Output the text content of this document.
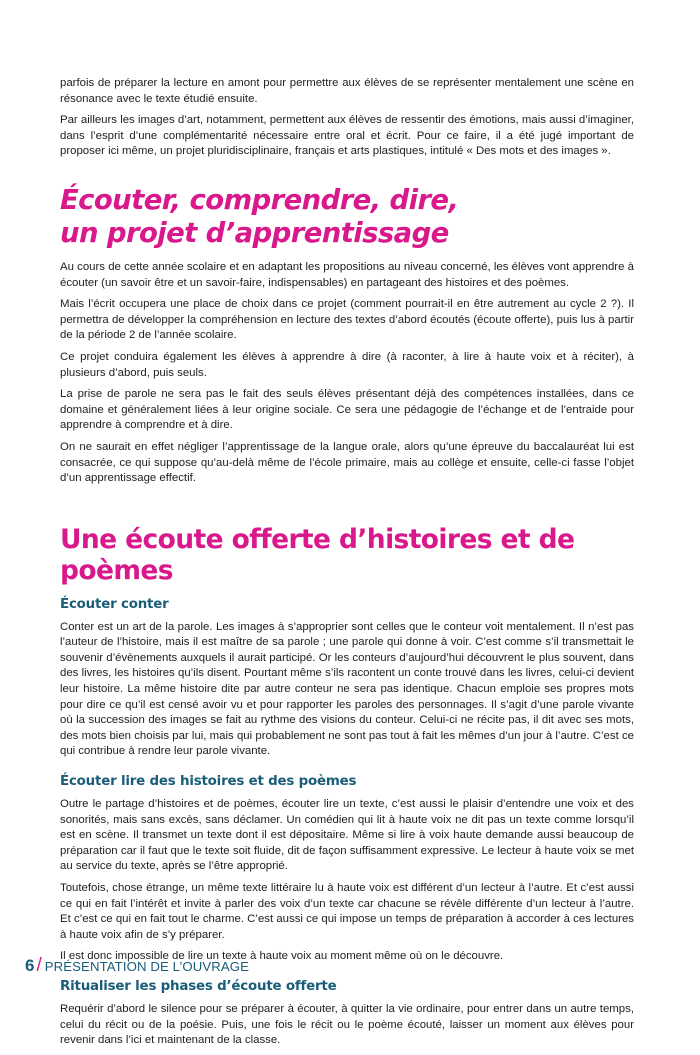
parfois de préparer la lecture en amont pour permettre aux élèves de se représenter mentalement une scène en résonance avec le texte étudié ensuite.

Par ailleurs les images d’art, notamment, permettent aux élèves de ressentir des émotions, mais aussi d’imaginer, dans l’esprit d’une complémentarité nécessaire entre oral et écrit. Pour ce faire, il a été jugé important de proposer ici même, un projet pluridisciplinaire, français et arts plastiques, intitulé « Des mots et des images ».

Écouter, comprendre, dire,
un projet d’apprentissage

Au cours de cette année scolaire et en adaptant les propositions au niveau concerné, les élèves vont apprendre à écouter (un savoir être et un savoir-faire, indispensables) en partageant des histoires et des poèmes.

Mais l’écrit occupera une place de choix dans ce projet (comment pourrait-il en être autrement au cycle 2 ?). Il permettra de développer la compréhension en lecture des textes d’abord écoutés (écoute offerte), puis lus à partir de la période 2 de l’année scolaire.

Ce projet conduira également les élèves à apprendre à dire (à raconter, à lire à haute voix et à réciter), à plusieurs d’abord, puis seuls.

La prise de parole ne sera pas le fait des seuls élèves présentant déjà des compétences installées, dans ce domaine et généralement liées à leur origine sociale. Ce sera une pédagogie de l’échange et de l’entraide pour apprendre à comprendre et à dire.

On ne saurait en effet négliger l’apprentissage de la langue orale, alors qu’une épreuve du baccalauréat lui est consacrée, ce qui suppose qu’au-delà même de l’école primaire, mais au collège et ensuite, celle-ci fasse l’objet d’un apprentissage effectif.

Une écoute offerte d’histoires et de poèmes
Écouter conter

Conter est un art de la parole. Les images à s’approprier sont celles que le conteur voit mentalement. Il n’est pas l’auteur de l’histoire, mais il est maître de sa parole ; une parole qui donne à voir. C’est comme s’il transmettait le souvenir d’évènements auxquels il aurait participé. Or les conteurs d’aujourd’hui découvrent le plus souvent, dans des livres, les histoires qu’ils disent. Pourtant même s’ils racontent un conte trouvé dans les livres, celui-ci devient leur histoire. La même histoire dite par autre conteur ne sera pas identique. Chacun emploie ses propres mots pour dire ce qu’il est censé avoir vu et pour rapporter les paroles des personnages. Il s’agit d’une parole vivante où la succession des images se fait au rythme des visions du conteur. Celui-ci ne récite pas, il dit avec ses mots, des mots bien choisis par lui, mais qui probablement ne sont pas tout à fait les mêmes d’un jour à l’autre. C’est ce qui contribue à rendre leur parole vivante.

Écouter lire des histoires et des poèmes

Outre le partage d’histoires et de poèmes, écouter lire un texte, c’est aussi le plaisir d’entendre une voix et des sonorités, mais sans excès, sans déclamer. Un comédien qui lit à haute voix ne dit pas un texte comme lorsqu’il est en scène. Il transmet un texte dont il est dépositaire. Même si lire à voix haute demande aussi beaucoup de préparation car il faut que le texte soit fluide, dit de façon suffisamment expressive. Le lecteur à haute voix se met au service du texte, après se l’être approprié.

Toutefois, chose étrange, un même texte littéraire lu à haute voix est différent d’un lecteur à l’autre. Et c’est aussi ce qui en fait l’intérêt et invite à parler des voix d’un texte car chacune se révèle différente d’un lecteur à l’autre. Et c’est ce qui en fait tout le charme. C’est aussi ce qui impose un temps de préparation à accorder à ces lectures à haute voix afin de s’y préparer.

Il est donc impossible de lire un texte à haute voix au moment même où on le découvre.

Ritualiser les phases d’écoute offerte

Requérir d’abord le silence pour se préparer à écouter, à quitter la vie ordinaire, pour entrer dans un autre temps, celui du récit ou de la poésie. Puis, une fois le récit ou le poème écouté, laisser un moment aux élèves pour revenir dans l’ici et maintenant de la classe.

6 / PRÉSENTATION DE L’OUVRAGE
